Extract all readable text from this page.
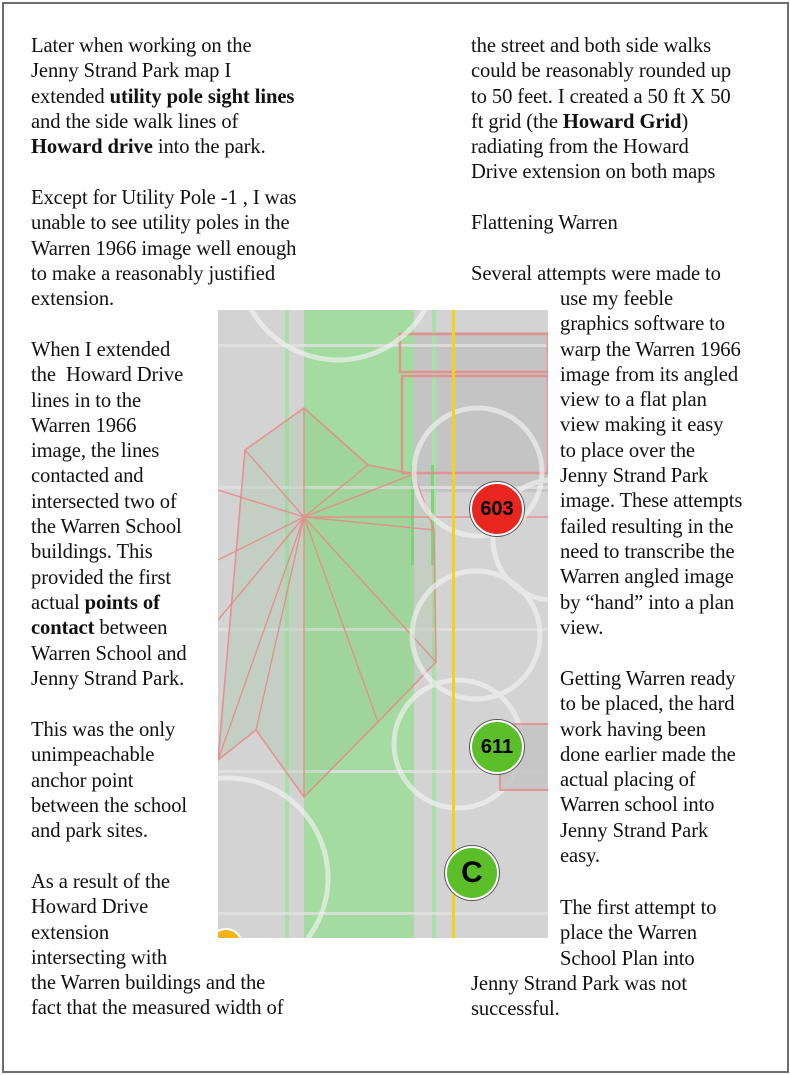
Later when working on the
Jenny Strand Park map I
extended utility pole sight lines
and the side walk lines of
Howard drive into the park.
Except for Utility Pole -1 , I was
unable to see utility poles in the
Warren 1966 image well enough
to make a reasonably justified
extension.
When I extended
the  Howard Drive
lines in to the
Warren 1966
image, the lines
contacted and
intersected two of
the Warren School
buildings. This
provided the first
actual points of
contact between
Warren School and
Jenny Strand Park.
This was the only
unimpeachable
anchor point
between the school
and park sites.
As a result of the
Howard Drive
extension
intersecting with
the Warren buildings and the
fact that the measured width of
the street and both side walks
could be reasonably rounded up
to 50 feet. I created a 50 ft X 50
ft grid (the Howard Grid)
radiating from the Howard
Drive extension on both maps
Flattening Warren
Several attempts were made to
use my feeble
graphics software to
warp the Warren 1966
image from its angled
view to a flat plan
view making it easy
to place over the
Jenny Strand Park
image. These attempts
failed resulting in the
need to transcribe the
Warren angled image
by “hand” into a plan
view.
Getting Warren ready
to be placed, the hard
work having been
done earlier made the
actual placing of
Warren school into
Jenny Strand Park
easy.
The first attempt to
place the Warren
School Plan into
Jenny Strand Park was not
successful.
603
611
C
